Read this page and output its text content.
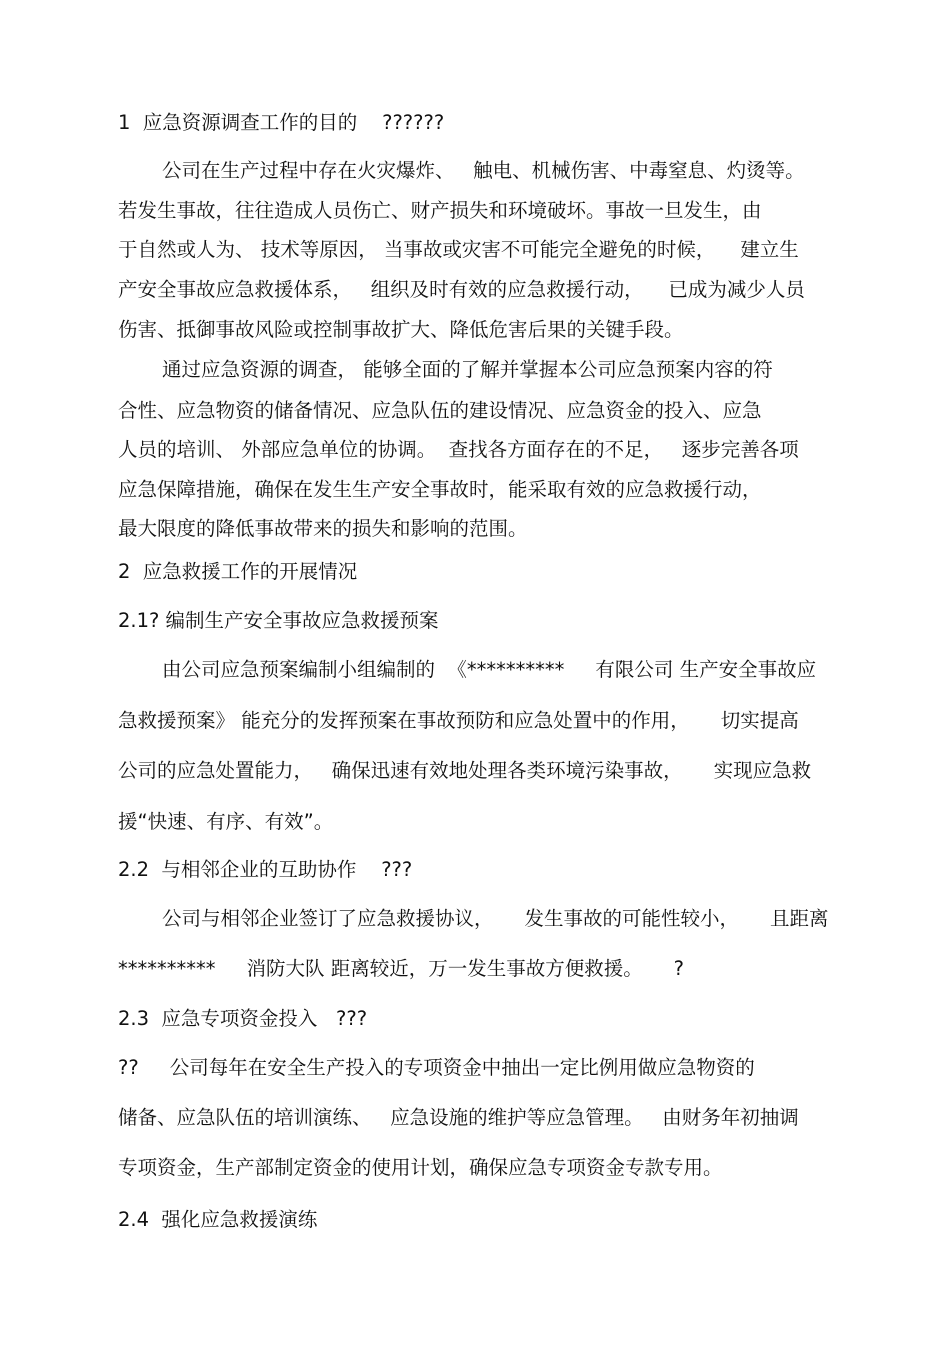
1  应急资源调查工作的目的    ??????
公司在生产过程中存在火灾爆炸、   触电、机械伤害、中毒窒息、灼烫等。
若发生事故，往往造成人员伤亡、财产损失和环境破坏。事故一旦发生，由
于自然或人为、 技术等原因， 当事故或灾害不可能完全避免的时候，    建立生
产安全事故应急救援体系，   组织及时有效的应急救援行动，    已成为减少人员
伤害、抵御事故风险或控制事故扩大、降低危害后果的关键手段。
通过应急资源的调查， 能够全面的了解并掌握本公司应急预案内容的符
合性、应急物资的储备情况、应急队伍的建设情况、应急资金的投入、应急
人员的培训、 外部应急单位的协调。  查找各方面存在的不足，   逐步完善各项
应急保障措施，确保在发生生产安全事故时，能采取有效的应急救援行动，
最大限度的降低事故带来的损失和影响的范围。
2  应急救援工作的开展情况
2.1? 编制生产安全事故应急救援预案
由公司应急预案编制小组编制的  《**********     有限公司 生产安全事故应
急救援预案》 能充分的发挥预案在事故预防和应急处置中的作用，     切实提高
公司的应急处置能力，   确保迅速有效地处理各类环境污染事故，     实现应急救
援“快速、有序、有效”。
2.2  与相邻企业的互助协作    ???
公司与相邻企业签订了应急救援协议，     发生事故的可能性较小，     且距离
**********     消防大队 距离较近，万一发生事故方便救援。     ?
2.3  应急专项资金投入   ???
??     公司每年在安全生产投入的专项资金中抽出一定比例用做应急物资的
储备、应急队伍的培训演练、   应急设施的维护等应急管理。   由财务年初抽调
专项资金，生产部制定资金的使用计划，确保应急专项资金专款专用。
2.4  强化应急救援演练
